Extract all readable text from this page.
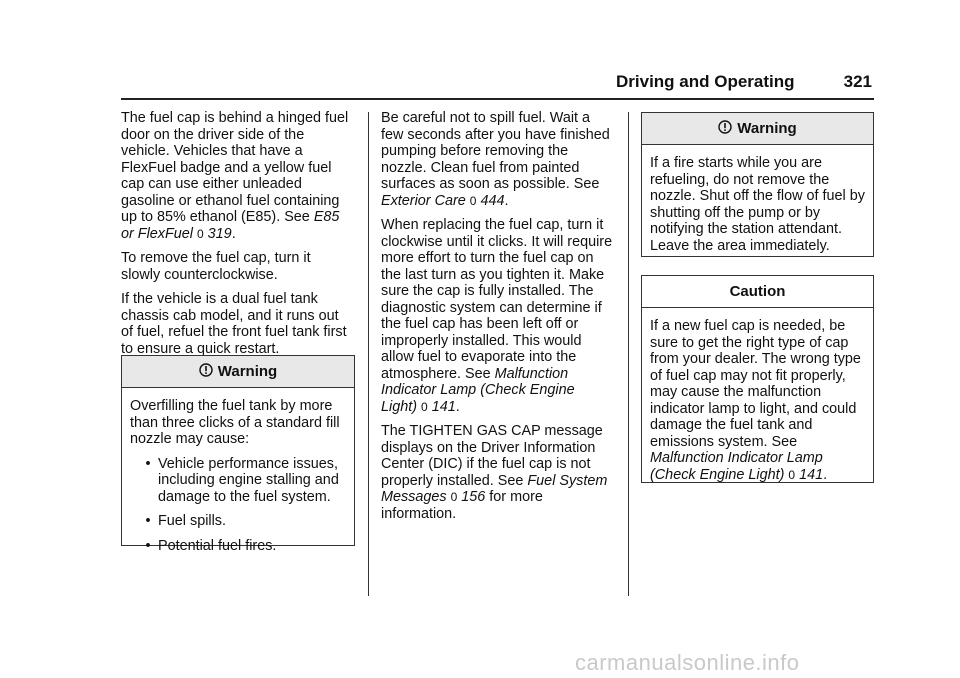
Driving and Operating	321

The fuel cap is behind a hinged fuel
door on the driver side of the
vehicle. Vehicles that have a
FlexFuel badge and a yellow fuel
cap can use either unleaded
gasoline or ethanol fuel containing
up to 85% ethanol (E85). See E85
or FlexFuel 0 319.

To remove the fuel cap, turn it
slowly counterclockwise.

If the vehicle is a dual fuel tank
chassis cab model, and it runs out
of fuel, refuel the front fuel tank first
to ensure a quick restart.

Warning

Overfilling the fuel tank by more
than three clicks of a standard fill
nozzle may cause:

• Vehicle performance issues,
including engine stalling and
damage to the fuel system.
• Fuel spills.
• Potential fuel fires.

Be careful not to spill fuel. Wait a
few seconds after you have finished
pumping before removing the
nozzle. Clean fuel from painted
surfaces as soon as possible. See
Exterior Care 0 444.

When replacing the fuel cap, turn it
clockwise until it clicks. It will require
more effort to turn the fuel cap on
the last turn as you tighten it. Make
sure the cap is fully installed. The
diagnostic system can determine if
the fuel cap has been left off or
improperly installed. This would
allow fuel to evaporate into the
atmosphere. See Malfunction
Indicator Lamp (Check Engine
Light) 0 141.

The TIGHTEN GAS CAP message
displays on the Driver Information
Center (DIC) if the fuel cap is not
properly installed. See Fuel System
Messages 0 156 for more
information.

Warning
If a fire starts while you are
refueling, do not remove the
nozzle. Shut off the flow of fuel by
shutting off the pump or by
notifying the station attendant.
Leave the area immediately.
Caution
If a new fuel cap is needed, be
sure to get the right type of cap
from your dealer. The wrong type
of fuel cap may not fit properly,
may cause the malfunction
indicator lamp to light, and could
damage the fuel tank and
emissions system. See
Malfunction Indicator Lamp
(Check Engine Light) 0 141.
carmanualsonline.info
